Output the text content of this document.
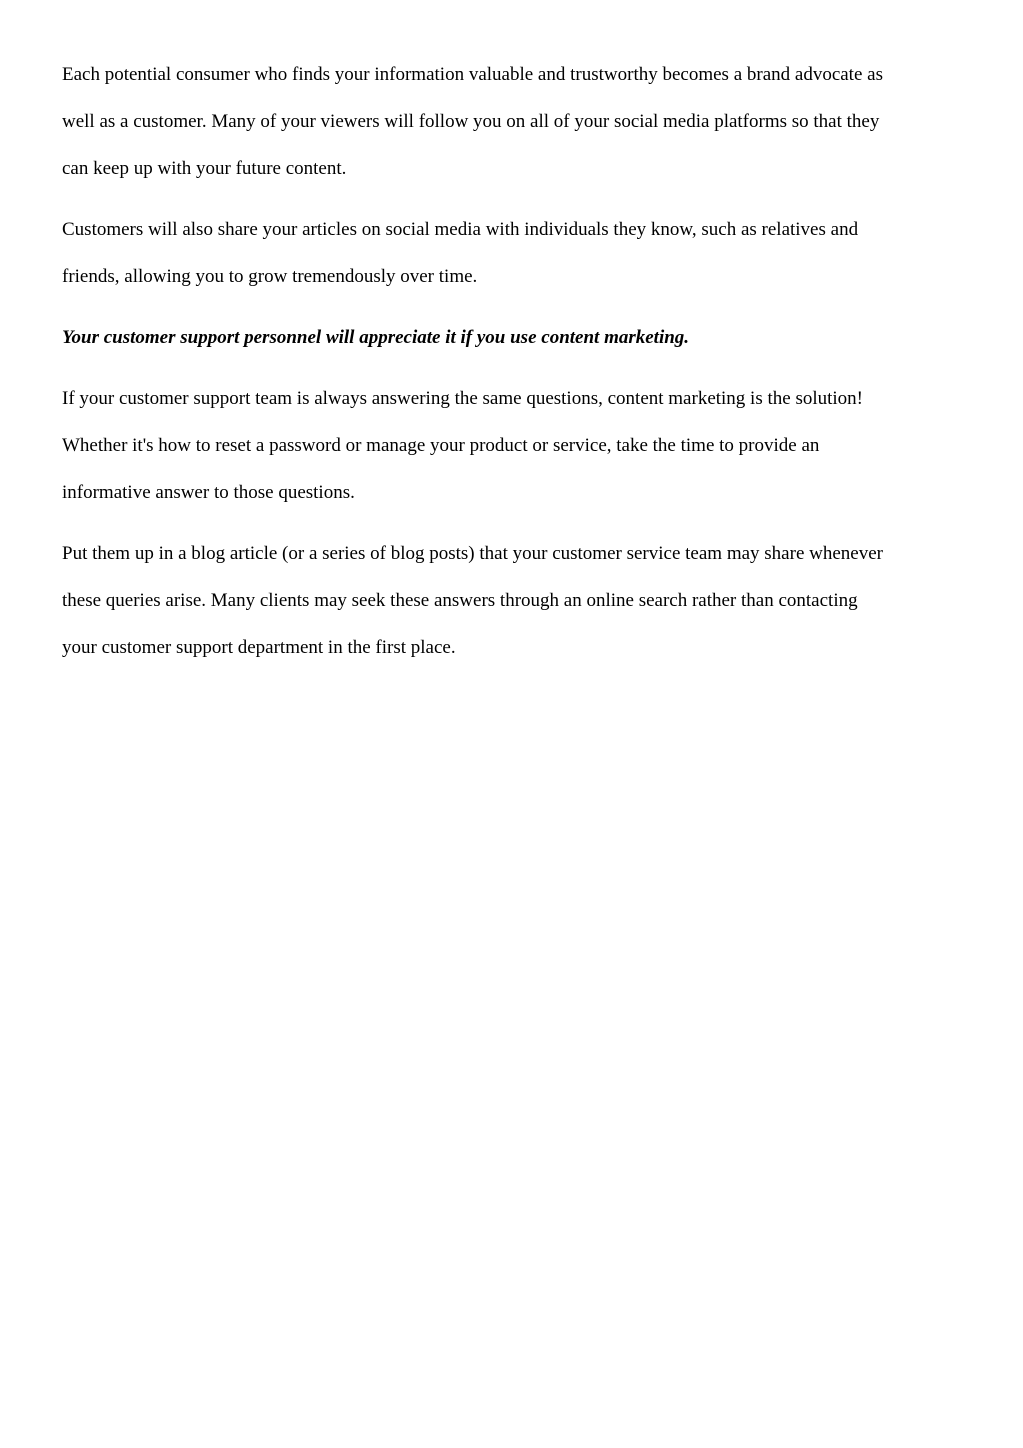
Each potential consumer who finds your information valuable and trustworthy becomes a brand advocate as
well as a customer. Many of your viewers will follow you on all of your social media platforms so that they
can keep up with your future content.

Customers will also share your articles on social media with individuals they know, such as relatives and
friends, allowing you to grow tremendously over time.

Your customer support personnel will appreciate it if you use content marketing.

If your customer support team is always answering the same questions, content marketing is the solution!
Whether it's how to reset a password or manage your product or service, take the time to provide an
informative answer to those questions.

Put them up in a blog article (or a series of blog posts) that your customer service team may share whenever
these queries arise. Many clients may seek these answers through an online search rather than contacting
your customer support department in the first place.
